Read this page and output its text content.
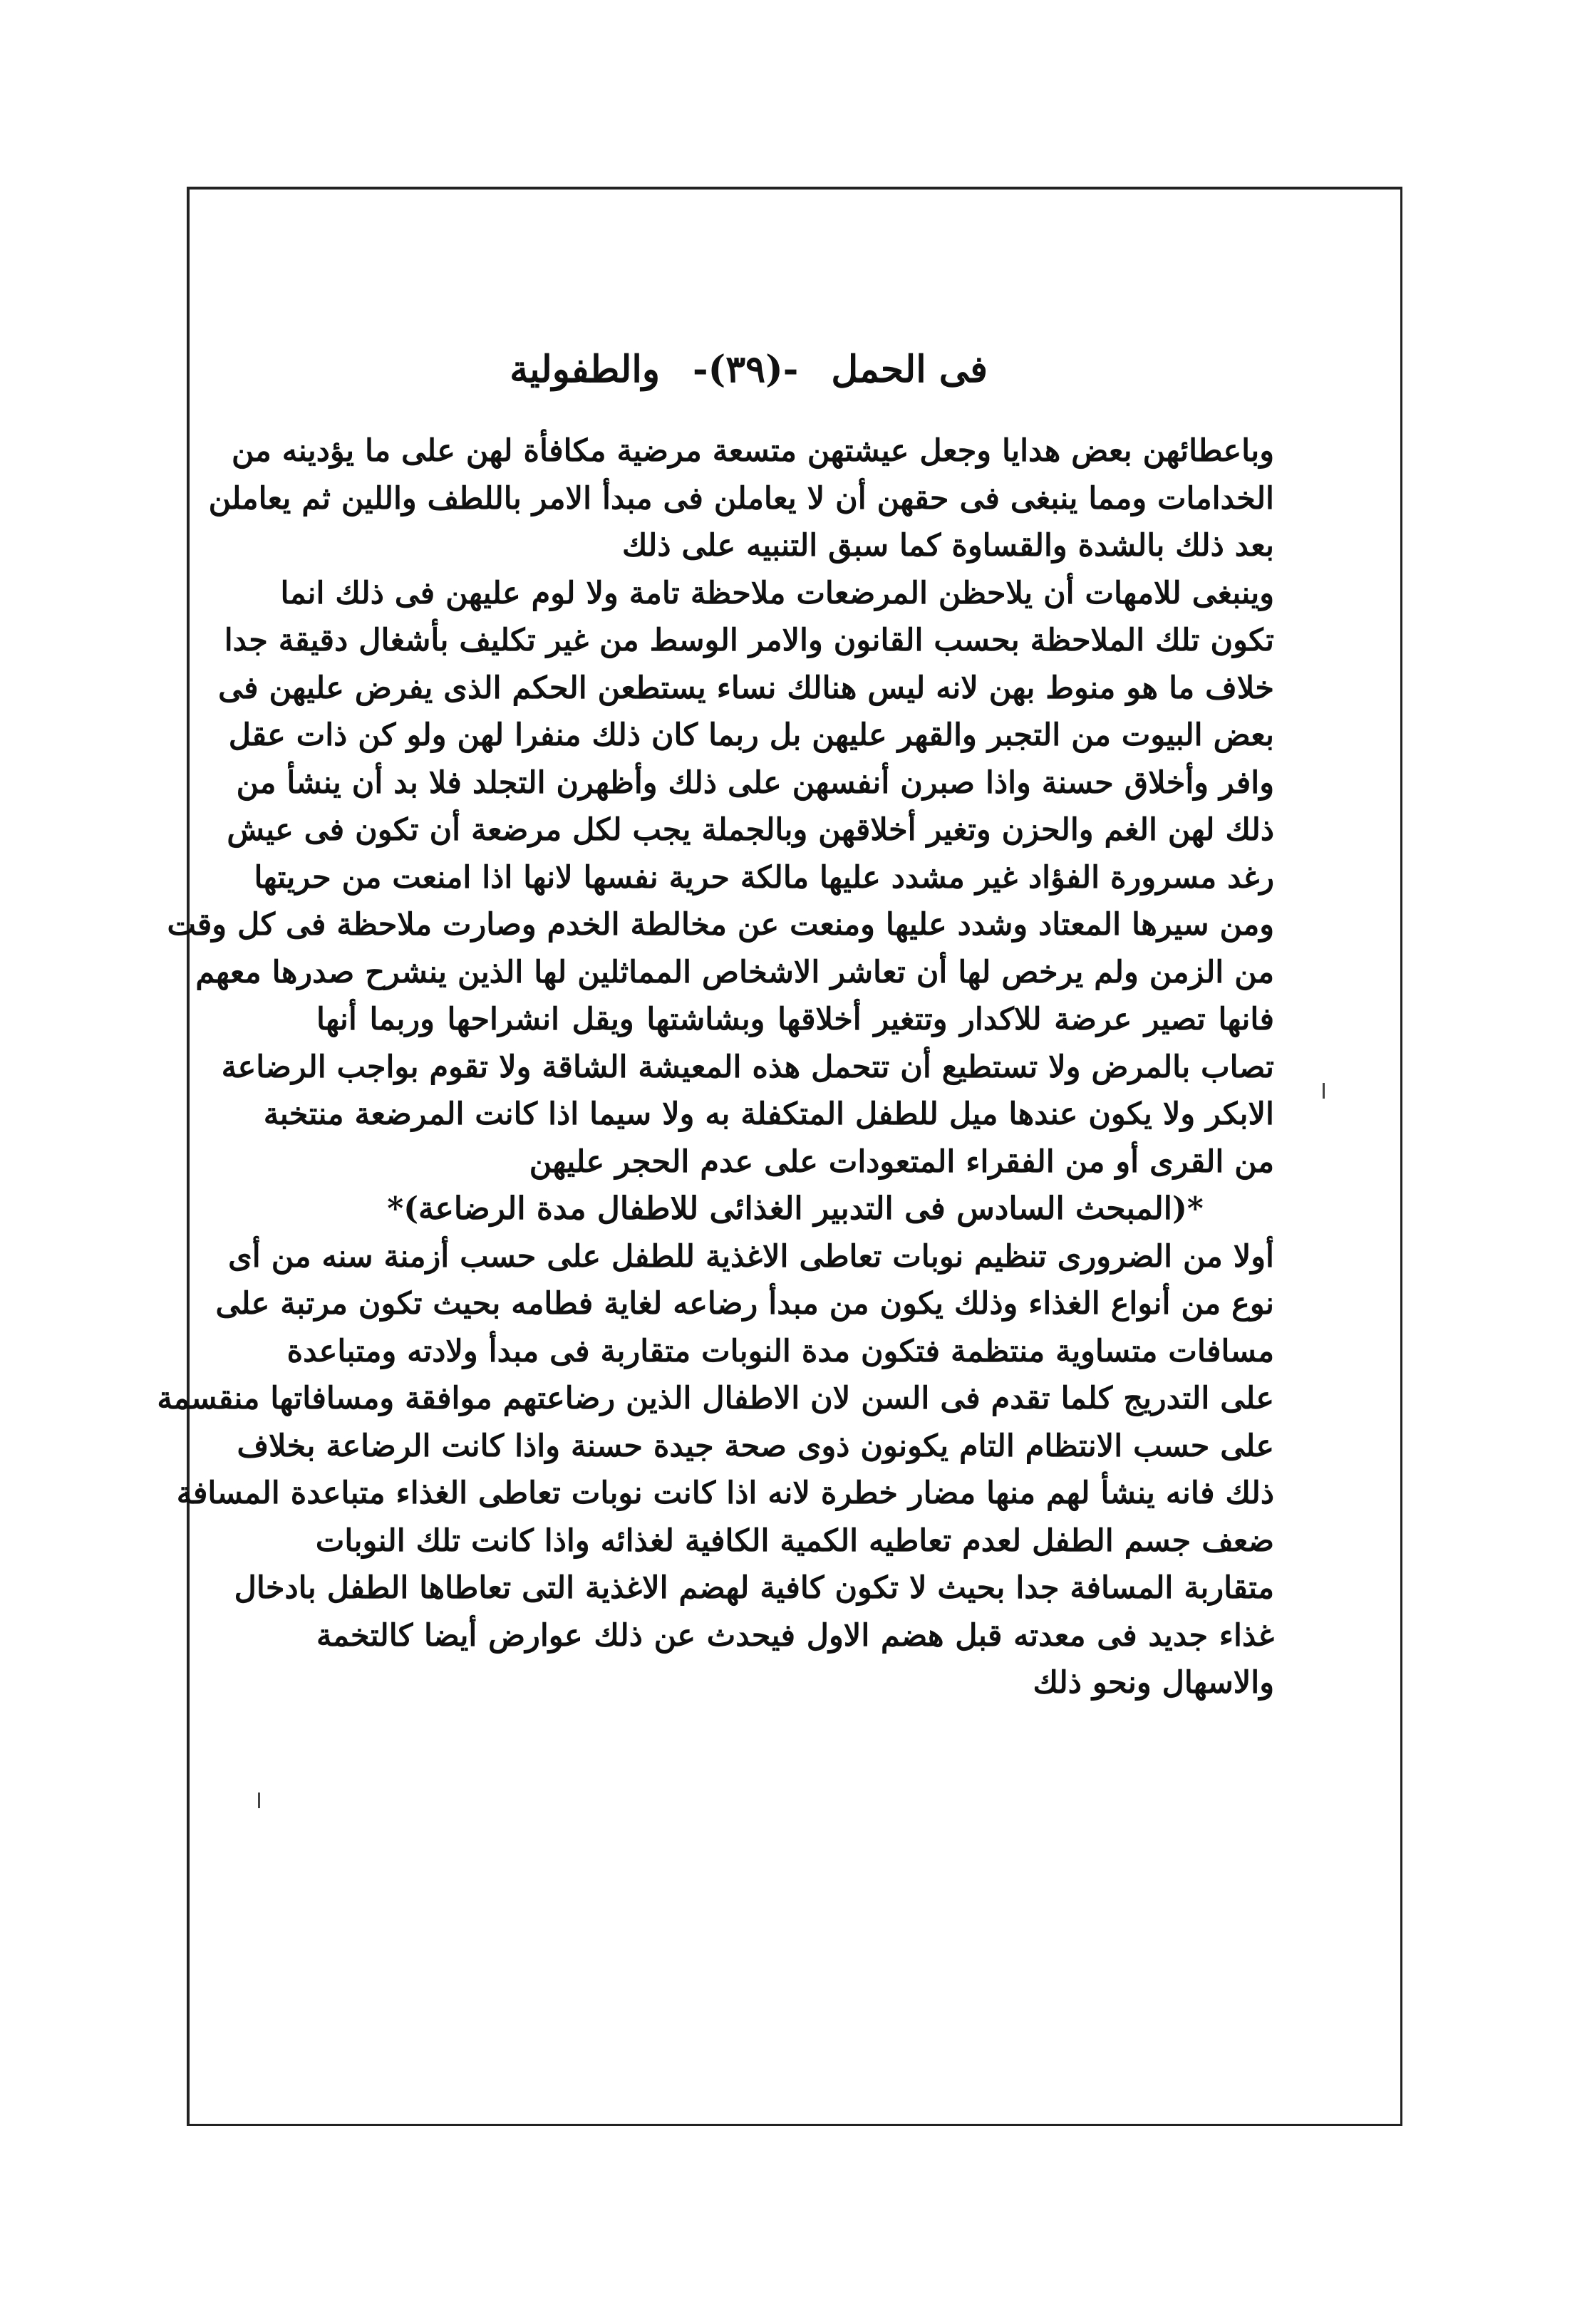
فى الحمل -(٣٩)- والطفولية
وباعطائهن بعض هدايا وجعل عيشتهن متسعة مرضية مكافأة لهن على ما يؤدينه من
الخدامات ومما ينبغى فى حقهن أن لا يعاملن فى مبدأ الامر باللطف واللين ثم يعاملن
بعد ذلك بالشدة والقساوة كما سبق التنبيه على ذلك
وينبغى للامهات أن يلاحظن المرضعات ملاحظة تامة ولا لوم عليهن فى ذلك انما
تكون تلك الملاحظة بحسب القانون والامر الوسط من غير تكليف بأشغال دقيقة جدا
خلاف ما هو منوط بهن لانه ليس هنالك نساء يستطعن الحكم الذى يفرض عليهن فى
بعض البيوت من التجبر والقهر عليهن بل ربما كان ذلك منفرا لهن ولو كن ذات عقل
وافر وأخلاق حسنة واذا صبرن أنفسهن على ذلك وأظهرن التجلد فلا بد أن ينشأ من
ذلك لهن الغم والحزن وتغير أخلاقهن وبالجملة يجب لكل مرضعة أن تكون فى عيش
رغد مسرورة الفؤاد غير مشدد عليها مالكة حرية نفسها لانها اذا امنعت من حريتها
ومن سيرها المعتاد وشدد عليها ومنعت عن مخالطة الخدم وصارت ملاحظة فى كل وقت
من الزمن ولم يرخص لها أن تعاشر الاشخاص المماثلين لها الذين ينشرح صدرها معهم
فانها تصير عرضة للاكدار وتتغير أخلاقها وبشاشتها ويقل انشراحها وربما أنها
تصاب بالمرض ولا تستطيع أن تتحمل هذه المعيشة الشاقة ولا تقوم بواجب الرضاعة
الابكر ولا يكون عندها ميل للطفل المتكفلة به ولا سيما اذا كانت المرضعة منتخبة
من القرى أو من الفقراء المتعودات على عدم الحجر عليهن
*(المبحث السادس فى التدبير الغذائى للاطفال مدة الرضاعة)*
أولا من الضرورى تنظيم نوبات تعاطى الاغذية للطفل على حسب أزمنة سنه من أى
نوع من أنواع الغذاء وذلك يكون من مبدأ رضاعه لغاية فطامه بحيث تكون مرتبة على
مسافات متساوية منتظمة فتكون مدة النوبات متقاربة فى مبدأ ولادته ومتباعدة
على التدريج كلما تقدم فى السن لان الاطفال الذين رضاعتهم موافقة ومسافاتها منقسمة
على حسب الانتظام التام يكونون ذوى صحة جيدة حسنة واذا كانت الرضاعة بخلاف
ذلك فانه ينشأ لهم منها مضار خطرة لانه اذا كانت نوبات تعاطى الغذاء متباعدة المسافة
ضعف جسم الطفل لعدم تعاطيه الكمية الكافية لغذائه واذا كانت تلك النوبات
متقاربة المسافة جدا بحيث لا تكون كافية لهضم الاغذية التى تعاطاها الطفل بادخال
غذاء جديد فى معدته قبل هضم الاول فيحدث عن ذلك عوارض أيضا كالتخمة
والاسهال ونحو ذلك
